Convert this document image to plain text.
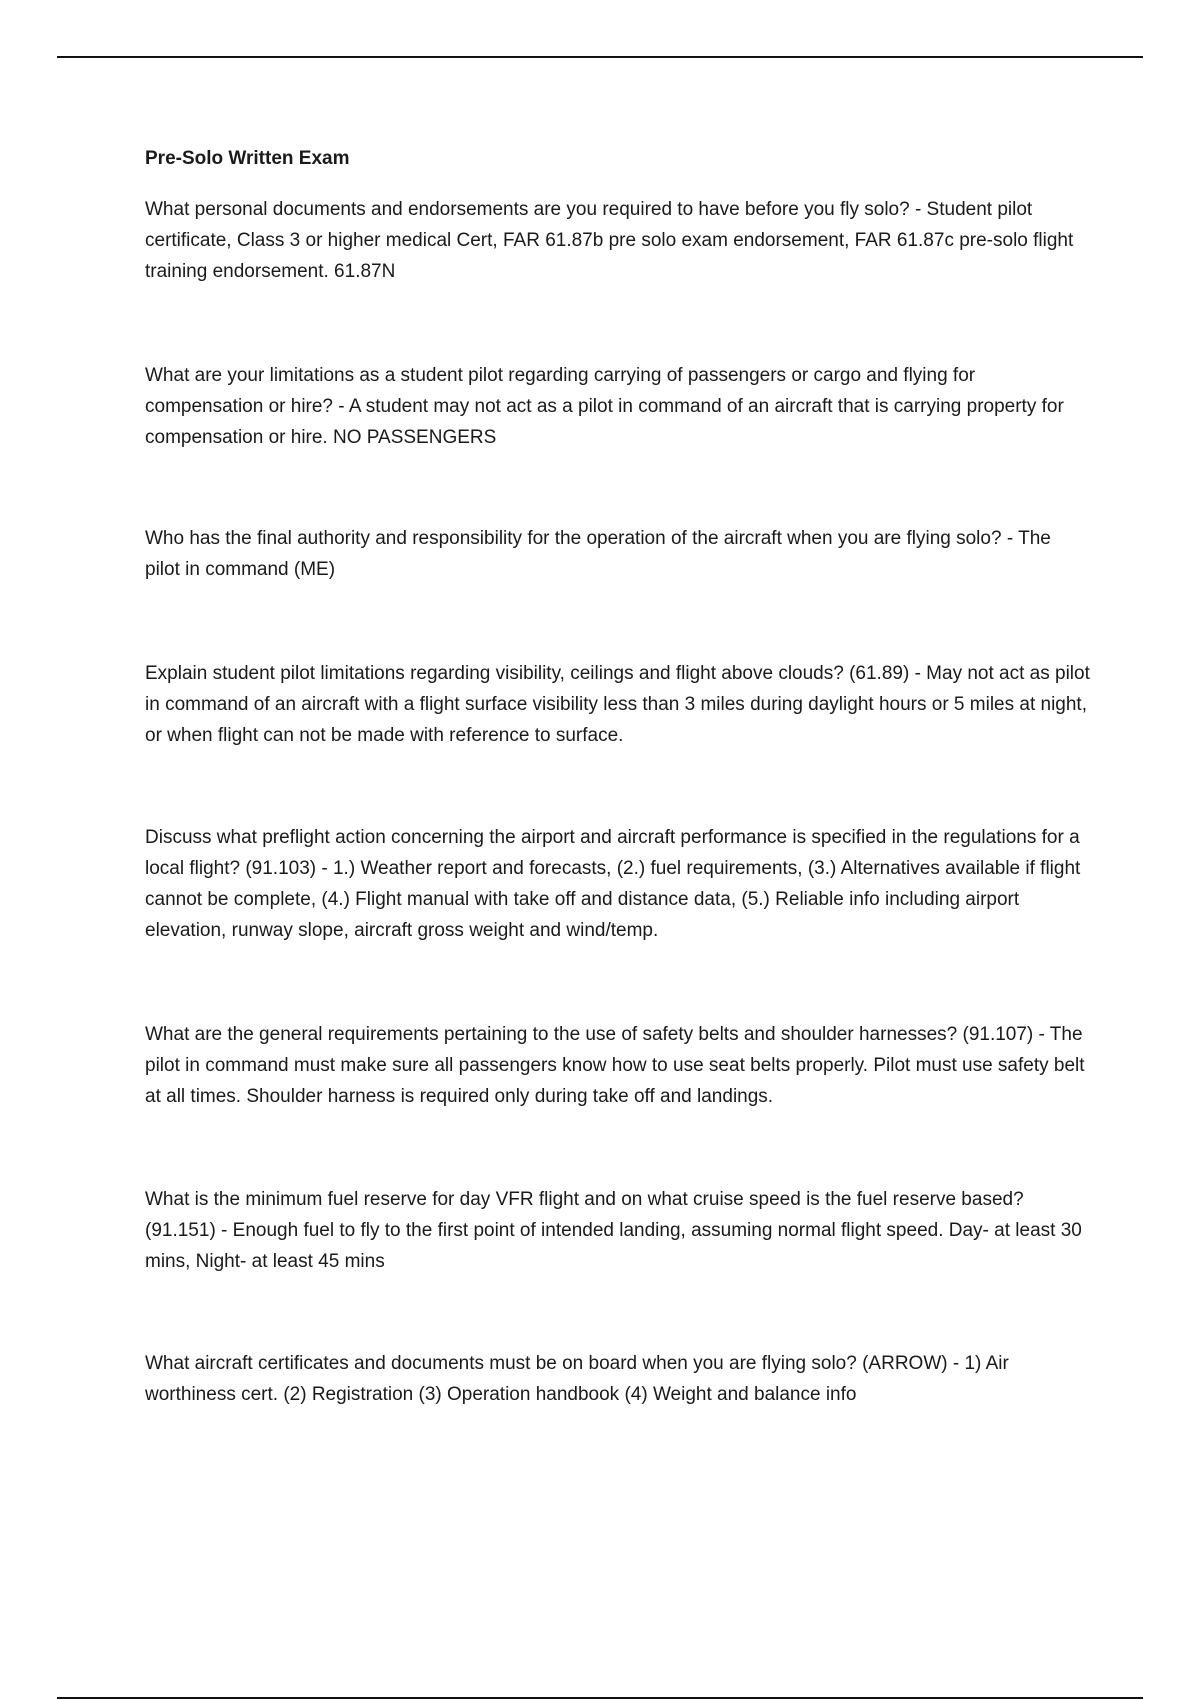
Pre-Solo Written Exam

What personal documents and endorsements are you required to have before you fly solo? - Student pilot certificate, Class 3 or higher medical Cert, FAR 61.87b pre solo exam endorsement, FAR 61.87c pre-solo flight training endorsement. 61.87N

What are your limitations as a student pilot regarding carrying of passengers or cargo and flying for compensation or hire? - A student may not act as a pilot in command of an aircraft that is carrying property for compensation or hire. NO PASSENGERS

Who has the final authority and responsibility for the operation of the aircraft when you are flying solo? - The pilot in command (ME)

Explain student pilot limitations regarding visibility, ceilings and flight above clouds? (61.89) - May not act as pilot in command of an aircraft with a flight surface visibility less than 3 miles during daylight hours or 5 miles at night, or when flight can not be made with reference to surface.

Discuss what preflight action concerning the airport and aircraft performance is specified in the regulations for a local flight? (91.103) - 1.) Weather report and forecasts, (2.) fuel requirements, (3.) Alternatives available if flight cannot be complete, (4.) Flight manual with take off and distance data, (5.) Reliable info including airport elevation, runway slope, aircraft gross weight and wind/temp.

What are the general requirements pertaining to the use of safety belts and shoulder harnesses? (91.107) - The pilot in command must make sure all passengers know how to use seat belts properly. Pilot must use safety belt at all times. Shoulder harness is required only during take off and landings.

What is the minimum fuel reserve for day VFR flight and on what cruise speed is the fuel reserve based? (91.151) - Enough fuel to fly to the first point of intended landing, assuming normal flight speed. Day- at least 30 mins, Night- at least 45 mins

What aircraft certificates and documents must be on board when you are flying solo? (ARROW) - 1) Air worthiness cert. (2) Registration (3) Operation handbook (4) Weight and balance info
